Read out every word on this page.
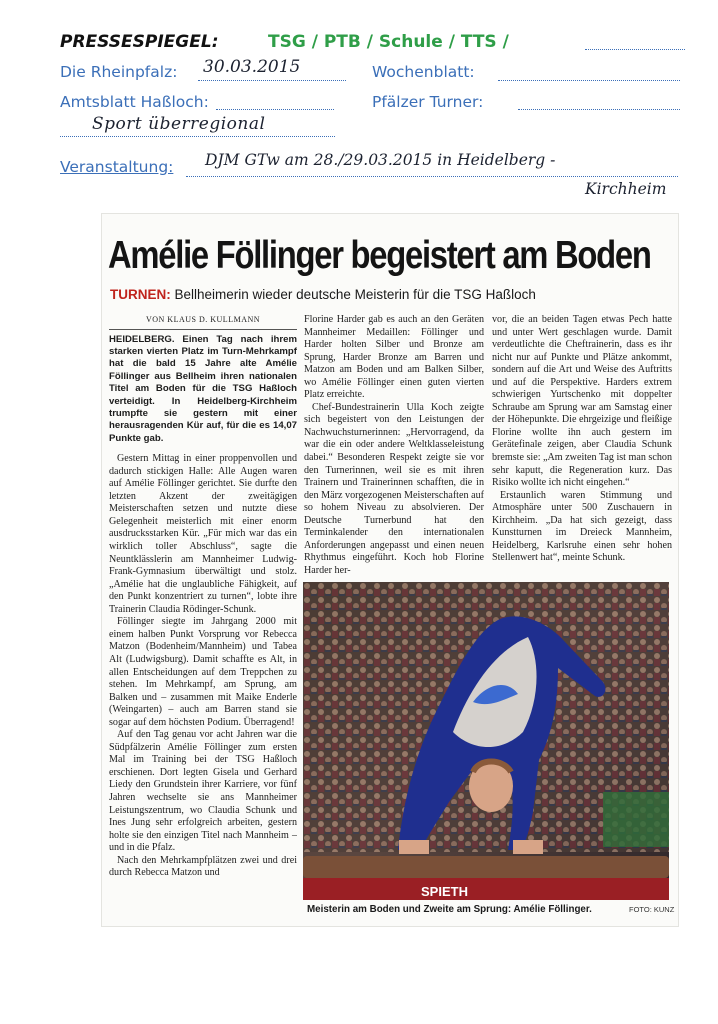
PRESSESPIEGEL:	TSG / PTB / Schule / TTS /
Die Rheinpfalz: 30.03.2015	Wochenblatt:
Amtsblatt Haßloch:	Pfälzer Turner:
Sport überregional
Veranstaltung: DJM GTw am 28./29.03.2015 in Heidelberg -
Kirchheim
Amélie Föllinger begeistert am Boden
TURNEN: Bellheimerin wieder deutsche Meisterin für die TSG Haßloch
VON KLAUS D. KULLMANN

HEIDELBERG. Einen Tag nach ihrem starken vierten Platz im Turn-Mehrkampf hat die bald 15 Jahre alte Amélie Föllinger aus Bellheim ihren nationalen Titel am Boden für die TSG Haßloch verteidigt. In Heidelberg-Kirchheim trumpfte sie gestern mit einer herausragenden Kür auf, für die es 14,07 Punkte gab.

Gestern Mittag in einer proppenvollen und dadurch stickigen Halle: Alle Augen waren auf Amélie Föllinger gerichtet. Sie durfte den letzten Akzent der zweitägigen Meisterschaften setzen und nutzte diese Gelegenheit meisterlich mit einer enorm ausdrucksstarken Kür. „Für mich war das ein wirklich toller Abschluss“, sagte die Neuntklässlerin am Mannheimer Ludwig-Frank-Gymnasium überwältigt und stolz. „Amélie hat die unglaubliche Fähigkeit, auf den Punkt konzentriert zu turnen“, lobte ihre Trainerin Claudia Rödinger-Schunk.

Föllinger siegte im Jahrgang 2000 mit einem halben Punkt Vorsprung vor Rebecca Matzon (Bodenheim/Mannheim) und Tabea Alt (Ludwigsburg). Damit schaffte es Alt, in allen Entscheidungen auf dem Treppchen zu stehen. Im Mehrkampf, am Sprung, am Balken und – zusammen mit Maike Enderle (Weingarten) – auch am Barren stand sie sogar auf dem höchsten Podium. Überragend!

Auf den Tag genau vor acht Jahren war die Südpfälzerin Amélie Föllinger zum ersten Mal im Training bei der TSG Haßloch erschienen. Dort legten Gisela und Gerhard Liedy den Grundstein ihrer Karriere, vor fünf Jahren wechselte sie ans Mannheimer Leistungszentrum, wo Claudia Schunk und Ines Jung sehr erfolgreich arbeiten, gestern holte sie den einzigen Titel nach Mannheim – und in die Pfalz.

Nach den Mehrkampfplätzen zwei und drei durch Rebecca Matzon und

Florine Harder gab es auch an den Geräten Mannheimer Medaillen: Föllinger und Harder holten Silber und Bronze am Sprung, Harder Bronze am Barren und Matzon am Boden und am Balken Silber, wo Amélie Föllinger einen guten vierten Platz erreichte.

Chef-Bundestrainerin Ulla Koch zeigte sich begeistert von den Leistungen der Nachwuchsturnerinnen: „Hervorragend, da war die ein oder andere Weltklasseleistung dabei.“ Besonderen Respekt zeigte sie vor den Turnerinnen, weil sie es mit ihren Trainern und Trainerinnen schafften, die in den März vorgezogenen Meisterschaften auf so hohem Niveau zu absolvieren. Der Deutsche Turnerbund hat den Terminkalender den internationalen Anforderungen angepasst und einen neuen Rhythmus eingeführt. Koch hob Florine Harder her-

vor, die an beiden Tagen etwas Pech hatte und unter Wert geschlagen wurde. Damit verdeutlichte die Cheftrainerin, dass es ihr nicht nur auf Punkte und Plätze ankommt, sondern auf die Art und Weise des Auftritts und auf die Perspektive. Harders extrem schwierigen Yurtschenko mit doppelter Schraube am Sprung war am Samstag einer der Höhepunkte. Die ehrgeizige und fleißige Florine wollte ihn auch gestern im Gerätefinale zeigen, aber Claudia Schunk bremste sie: „Am zweiten Tag ist man schon sehr kaputt, die Regeneration kurz. Das Risiko wollte ich nicht eingehen.“

Erstaunlich waren Stimmung und Atmosphäre unter 500 Zuschauern in Kirchheim. „Da hat sich gezeigt, dass Kunstturnen im Dreieck Mannheim, Heidelberg, Karlsruhe einen sehr hohen Stellenwert hat“, meinte Schunk.

SPIETH
Meisterin am Boden und Zweite am Sprung: Amélie Föllinger.	FOTO: KUNZ
